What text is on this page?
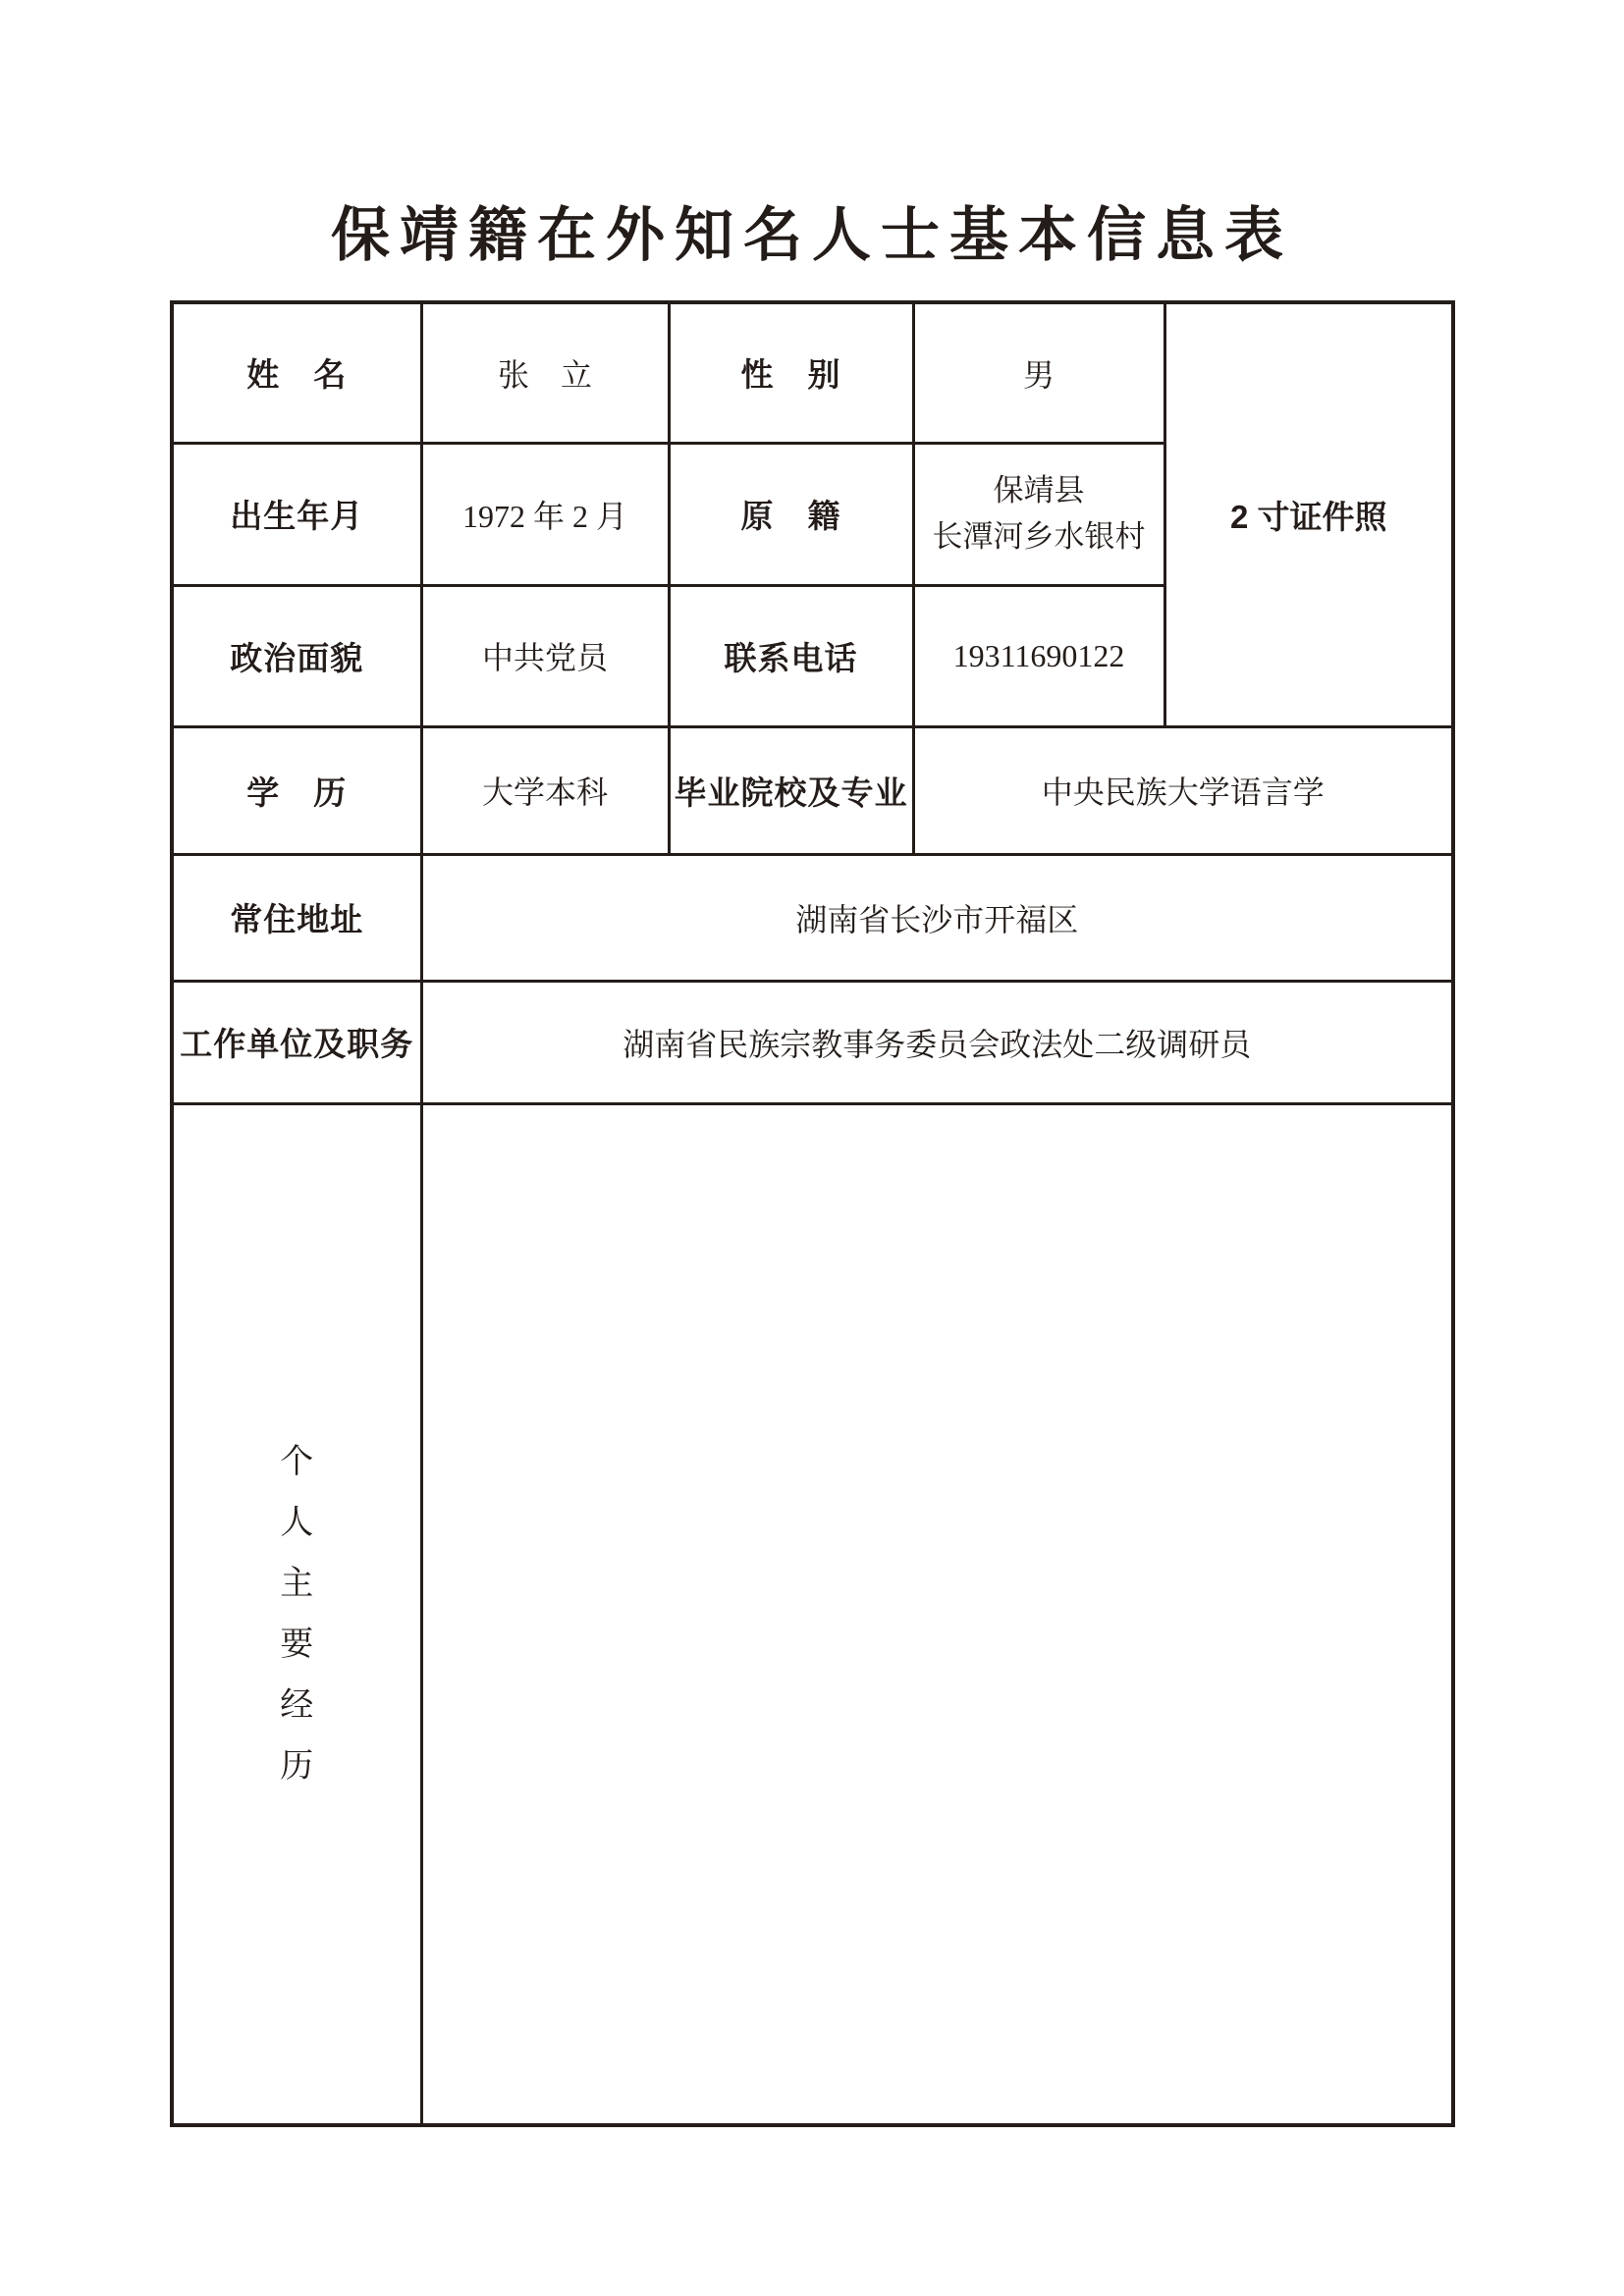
保靖籍在外知名人士基本信息表
姓　名	张　立	性　别	男	2 寸证件照
出生年月	1972 年 2 月	原　籍	保靖县
长潭河乡水银村	

政治面貌	中共党员	联系电话	19311690122	
学　历	大学本科	毕业院校及专业	中央民族大学语言学	
常住地址	湖南省长沙市开福区			
工作单位及职务	湖南省民族宗教事务委员会政法处二级调研员			

个
人
主
要
经
历
